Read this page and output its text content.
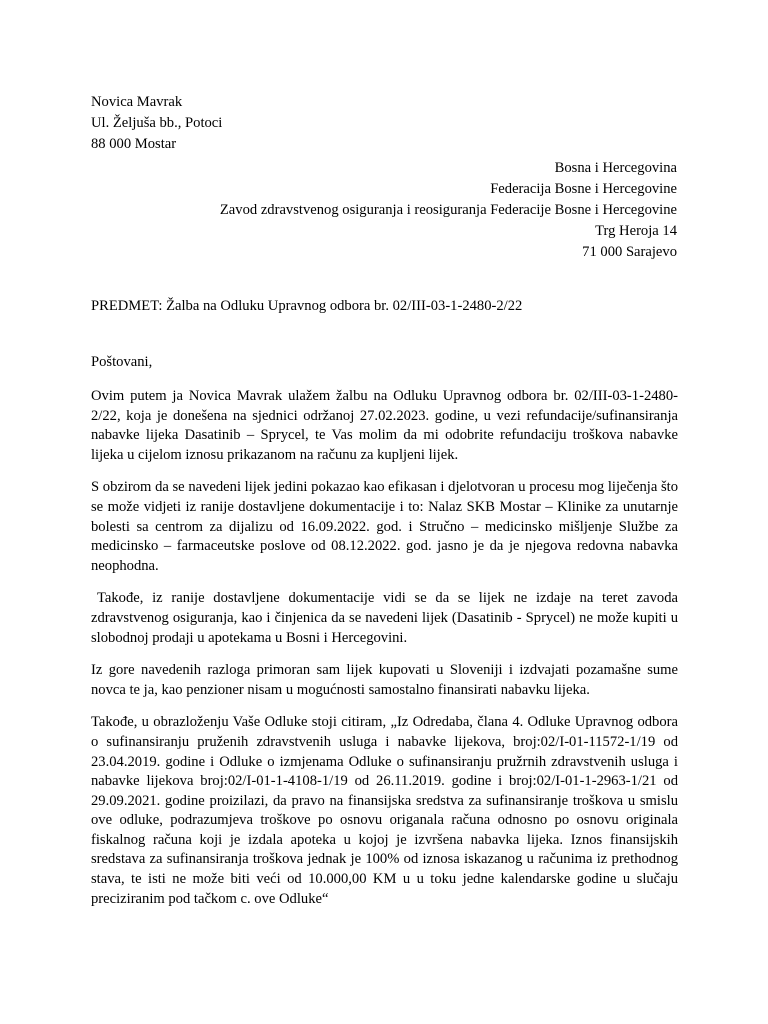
Novica Mavrak
Ul. Željuša bb., Potoci
88 000 Mostar
Bosna i Hercegovina
Federacija Bosne i Hercegovine
Zavod zdravstvenog osiguranja i reosiguranja Federacije Bosne i Hercegovine
Trg Heroja 14
71 000 Sarajevo
PREDMET: Žalba na Odluku Upravnog odbora br. 02/III-03-1-2480-2/22
Poštovani,

Ovim putem ja Novica Mavrak ulažem žalbu na Odluku Upravnog odbora br. 02/III-03-1-2480-2/22, koja je donešena na sjednici održanoj 27.02.2023. godine, u vezi refundacije/sufinansiranja nabavke lijeka Dasatinib – Sprycel, te Vas molim da mi odobrite refundaciju troškova nabavke lijeka u cijelom iznosu prikazanom na računu za kupljeni lijek.

S obzirom da se navedeni lijek jedini pokazao kao efikasan i djelotvoran u procesu mog liječenja što se može vidjeti iz ranije dostavljene dokumentacije i to: Nalaz SKB Mostar – Klinike za unutarnje bolesti sa centrom za dijalizu od 16.09.2022. god. i Stručno – medicinsko mišljenje Službe za medicinsko – farmaceutske poslove od 08.12.2022. god. jasno je da je njegova redovna nabavka neophodna.

Takođe, iz ranije dostavljene dokumentacije vidi se da se lijek ne izdaje na teret zavoda zdravstvenog osiguranja, kao i činjenica da se navedeni lijek (Dasatinib - Sprycel) ne može kupiti u slobodnoj prodaji u apotekama u Bosni i Hercegovini.

Iz gore navedenih razloga primoran sam lijek kupovati u Sloveniji i izdvajati pozamašne sume novca te ja, kao penzioner nisam u mogućnosti samostalno finansirati nabavku lijeka.

Takođe, u obrazloženju Vaše Odluke stoji citiram, „Iz Odredaba, člana 4. Odluke Upravnog odbora o sufinansiranju pruženih zdravstvenih usluga i nabavke lijekova, broj:02/I-01-11572-1/19 od 23.04.2019. godine i Odluke o izmjenama Odluke o sufinansiranju pružrnih zdravstvenih usluga i nabavke lijekova broj:02/I-01-1-4108-1/19 od 26.11.2019. godine i broj:02/I-01-1-2963-1/21 od 29.09.2021. godine proizilazi, da pravo na finansijska sredstva za sufinansiranje troškova u smislu ove odluke, podrazumjeva troškove po osnovu origanala računa odnosno po osnovu originala fiskalnog računa koji je izdala apoteka u kojoj je izvršena nabavka lijeka. Iznos finansijskih sredstava za sufinansiranja troškova jednak je 100% od iznosa iskazanog u računima iz prethodnog stava, te isti ne može biti veći od 10.000,00 KM u u toku jedne kalendarske godine u slučaju preciziranim pod tačkom c. ove Odluke“
